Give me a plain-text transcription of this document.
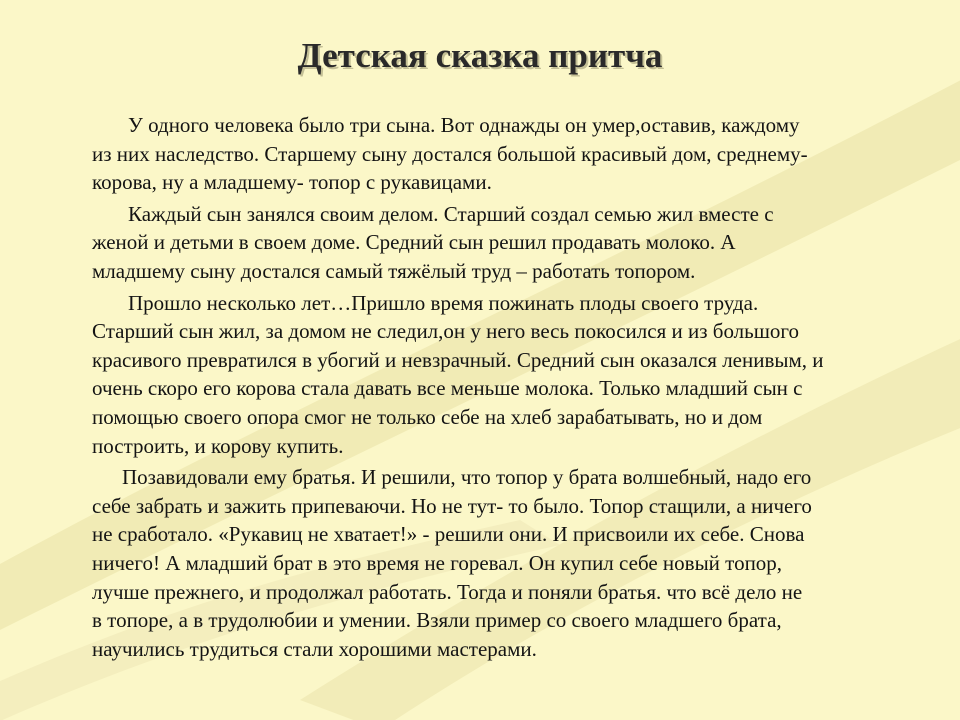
Детская сказка притча
У одного человека было три сына. Вот однажды он умер,оставив, каждому
из них наследство. Старшему сыну достался большой красивый дом, среднему-
корова, ну а младшему- топор с рукавицами.
Каждый сын занялся своим делом. Старший создал семью жил вместе с
женой и детьми в своем доме. Средний сын решил продавать молоко. А
младшему сыну достался самый тяжёлый труд – работать топором.
Прошло несколько лет…Пришло время пожинать плоды своего труда.
Старший сын жил, за домом не следил,он у него весь покосился и из большого
красивого превратился в убогий и невзрачный. Средний сын оказался ленивым, и
очень скоро его корова стала давать все меньше молока. Только младший сын с
помощью своего опора смог не только себе на хлеб зарабатывать, но и дом
построить, и корову купить.
Позавидовали ему братья. И решили, что топор у брата волшебный, надо его
себе забрать и зажить припеваючи. Но не тут- то было. Топор стащили, а ничего
не сработало. «Рукавиц не хватает!» - решили они. И присвоили их себе. Снова
ничего! А младший брат в это время не горевал. Он купил себе новый топор,
лучше прежнего, и продолжал работать. Тогда и поняли братья. что всё дело не
в топоре, а в трудолюбии и умении. Взяли пример со своего младшего брата,
научились трудиться стали хорошими мастерами.
